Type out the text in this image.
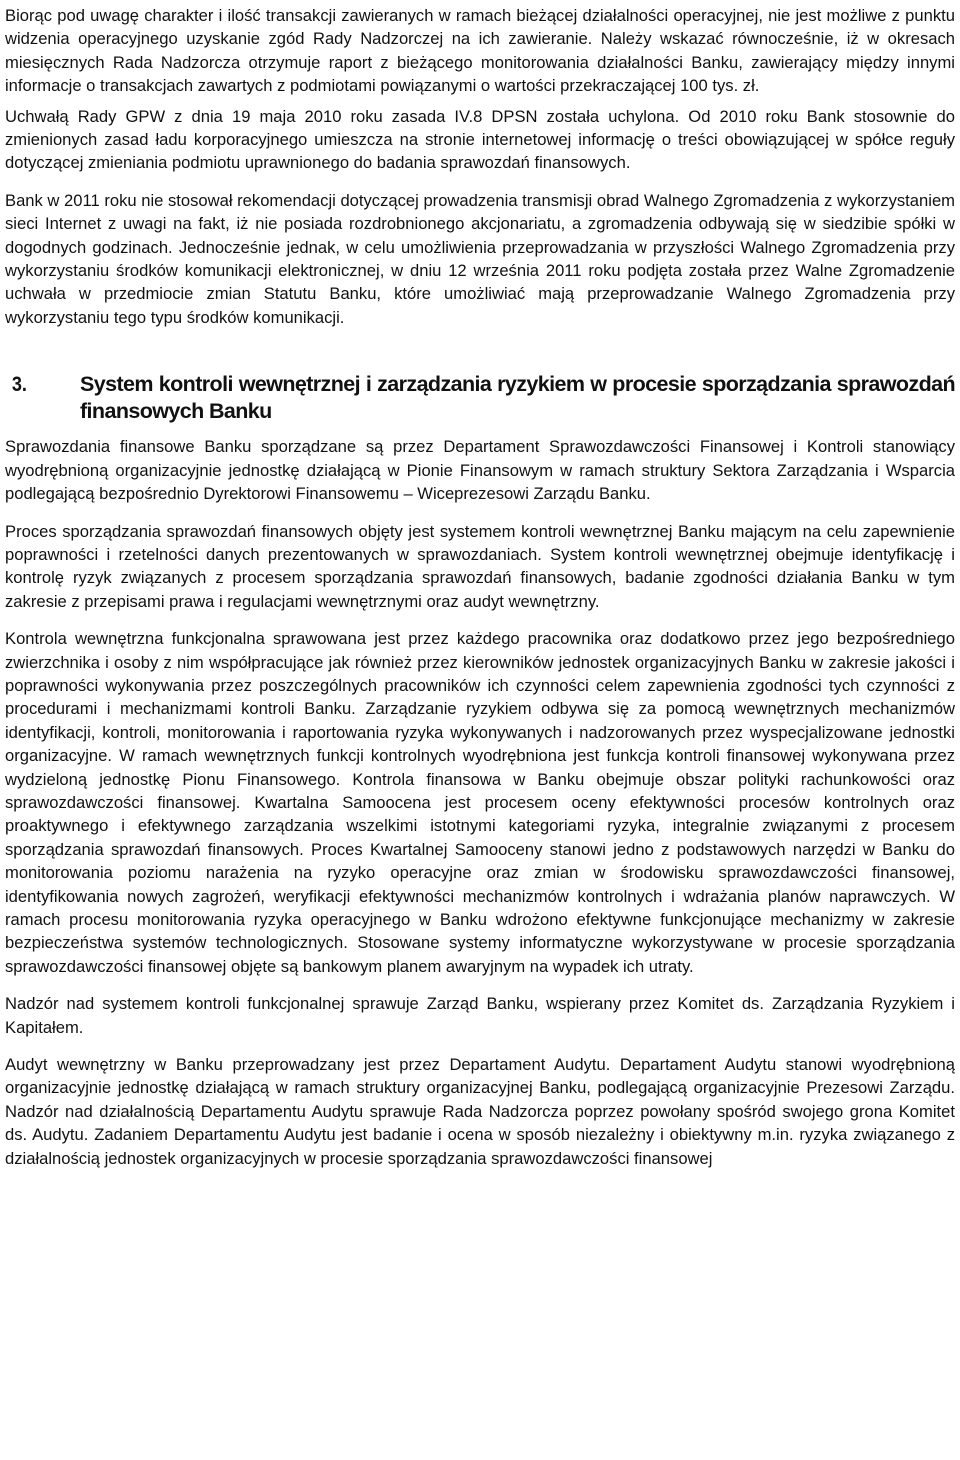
Biorąc pod uwagę charakter i ilość transakcji zawieranych w ramach bieżącej działalności operacyjnej, nie jest możliwe z punktu widzenia operacyjnego uzyskanie zgód Rady Nadzorczej na ich zawieranie. Należy wskazać równocześnie, iż w okresach miesięcznych Rada Nadzorcza otrzymuje raport z bieżącego monitorowania działalności Banku, zawierający między innymi informacje o transakcjach zawartych z podmiotami powiązanymi o wartości przekraczającej 100 tys. zł.

Uchwałą Rady GPW z dnia 19 maja 2010 roku zasada IV.8 DPSN została uchylona. Od 2010 roku Bank stosownie do zmienionych zasad ładu korporacyjnego umieszcza na stronie internetowej informację o treści obowiązującej w spółce reguły dotyczącej zmieniania podmiotu uprawnionego do badania sprawozdań finansowych.

Bank w 2011 roku nie stosował rekomendacji dotyczącej prowadzenia transmisji obrad Walnego Zgromadzenia z wykorzystaniem sieci Internet z uwagi na fakt, iż nie posiada rozdrobnionego akcjonariatu, a zgromadzenia odbywają się w siedzibie spółki w dogodnych godzinach. Jednocześnie jednak, w celu umożliwienia przeprowadzania w przyszłości Walnego Zgromadzenia przy wykorzystaniu środków komunikacji elektronicznej, w dniu 12 września 2011 roku podjęta została przez Walne Zgromadzenie uchwała w przedmiocie zmian Statutu Banku, które umożliwiać mają przeprowadzanie Walnego Zgromadzenia przy wykorzystaniu tego typu środków komunikacji.

3.	System kontroli wewnętrznej i zarządzania ryzykiem w procesie sporządzania sprawozdań finansowych Banku

Sprawozdania finansowe Banku sporządzane są przez Departament Sprawozdawczości Finansowej i Kontroli stanowiący wyodrębnioną organizacyjnie jednostkę działającą w Pionie Finansowym w ramach struktury Sektora Zarządzania i Wsparcia podlegającą bezpośrednio Dyrektorowi Finansowemu – Wiceprezesowi Zarządu Banku.

Proces sporządzania sprawozdań finansowych objęty jest systemem kontroli wewnętrznej Banku mającym na celu zapewnienie poprawności i rzetelności danych prezentowanych w sprawozdaniach. System kontroli wewnętrznej obejmuje identyfikację i kontrolę ryzyk związanych z procesem sporządzania sprawozdań finansowych, badanie zgodności działania Banku w tym zakresie z przepisami prawa i regulacjami wewnętrznymi oraz audyt wewnętrzny.

Kontrola wewnętrzna funkcjonalna sprawowana jest przez każdego pracownika oraz dodatkowo przez jego bezpośredniego zwierzchnika i osoby z nim współpracujące jak również przez kierowników jednostek organizacyjnych Banku w zakresie jakości i poprawności wykonywania przez poszczególnych pracowników ich czynności celem zapewnienia zgodności tych czynności z procedurami i mechanizmami kontroli Banku. Zarządzanie ryzykiem odbywa się za pomocą wewnętrznych mechanizmów identyfikacji, kontroli, monitorowania i raportowania ryzyka wykonywanych i nadzorowanych przez wyspecjalizowane jednostki organizacyjne. W ramach wewnętrznych funkcji kontrolnych wyodrębniona jest funkcja kontroli finansowej wykonywana przez wydzieloną jednostkę Pionu Finansowego. Kontrola finansowa w Banku obejmuje obszar polityki rachunkowości oraz sprawozdawczości finansowej. Kwartalna Samoocena jest procesem oceny efektywności procesów kontrolnych oraz proaktywnego i efektywnego zarządzania wszelkimi istotnymi kategoriami ryzyka, integralnie związanymi z procesem sporządzania sprawozdań finansowych. Proces Kwartalnej Samooceny stanowi jedno z podstawowych narzędzi w Banku do monitorowania poziomu narażenia na ryzyko operacyjne oraz zmian w środowisku sprawozdawczości finansowej, identyfikowania nowych zagrożeń, weryfikacji efektywności mechanizmów kontrolnych i wdrażania planów naprawczych. W ramach procesu monitorowania ryzyka operacyjnego w Banku wdrożono efektywne funkcjonujące mechanizmy w zakresie bezpieczeństwa systemów technologicznych. Stosowane systemy informatyczne wykorzystywane w procesie sporządzania sprawozdawczości finansowej objęte są bankowym planem awaryjnym na wypadek ich utraty.

Nadzór nad systemem kontroli funkcjonalnej sprawuje Zarząd Banku, wspierany przez Komitet ds. Zarządzania Ryzykiem i Kapitałem.

Audyt wewnętrzny w Banku przeprowadzany jest przez Departament Audytu. Departament Audytu stanowi wyodrębnioną organizacyjnie jednostkę działającą w ramach struktury organizacyjnej Banku, podlegającą organizacyjnie Prezesowi Zarządu. Nadzór nad działalnością Departamentu Audytu sprawuje Rada Nadzorcza poprzez powołany spośród swojego grona Komitet ds. Audytu. Zadaniem Departamentu Audytu jest badanie i ocena w sposób niezależny i obiektywny m.in. ryzyka związanego z działalnością jednostek organizacyjnych w procesie sporządzania sprawozdawczości finansowej
